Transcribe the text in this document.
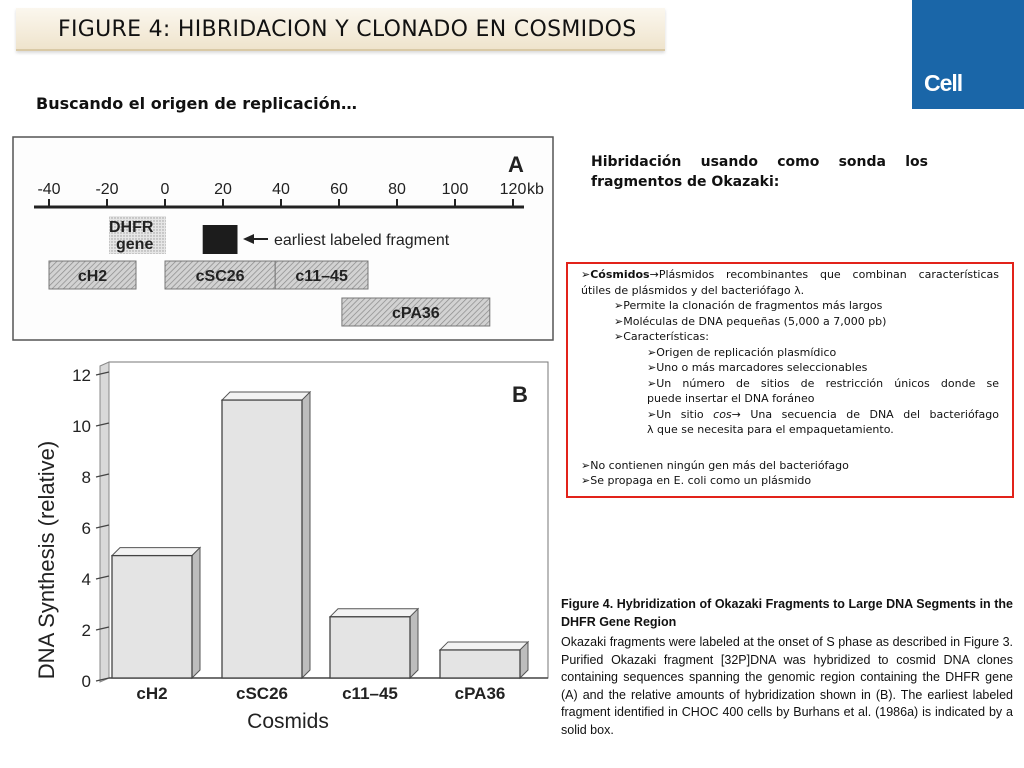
FIGURE 4: HIBRIDACION Y CLONADO EN COSMIDOS
Cell
Buscando el origen de replicación…
A
-40 -20	0	20	40	60	80 100 120 kb
DHFR
gene	earliest labeled fragment
cH2	cSC26	c11–45
cPA36
0
2
4
6
8
10
12
B
cH2	cSC26	c11–45	cPA36
Cosmids
DNA Synthesis (relative)
Hibridación usando como sonda los
fragmentos de Okazaki:
➢Cósmidos→Plásmidos recombinantes que combinan características
útiles de plásmidos y del bacteriófago λ.
➢Permite la clonación de fragmentos más largos
➢Moléculas de DNA pequeñas (5,000 a 7,000 pb)
➢Características:
➢Origen de replicación plasmídico
➢Uno o más marcadores seleccionables
➢Un número de sitios de restricción únicos donde se
puede insertar el DNA foráneo
➢Un sitio cos→ Una secuencia de DNA del bacteriófago
λ que se necesita para el empaquetamiento.
➢No contienen ningún gen más del bacteriófago
➢Se propaga en E. coli como un plásmido

Figure 4. Hybridization of Okazaki Fragments to Large DNA Segments in the DHFR Gene Region

Okazaki fragments were labeled at the onset of S phase as described in Figure 3. Purified Okazaki fragment [32P]DNA was hybridized to cosmid DNA clones containing sequences spanning the genomic region containing the DHFR gene (A) and the relative amounts of hybridization shown in (B). The earliest labeled fragment identified in CHOC 400 cells by Burhans et al. (1986a) is indicated by a solid box.
